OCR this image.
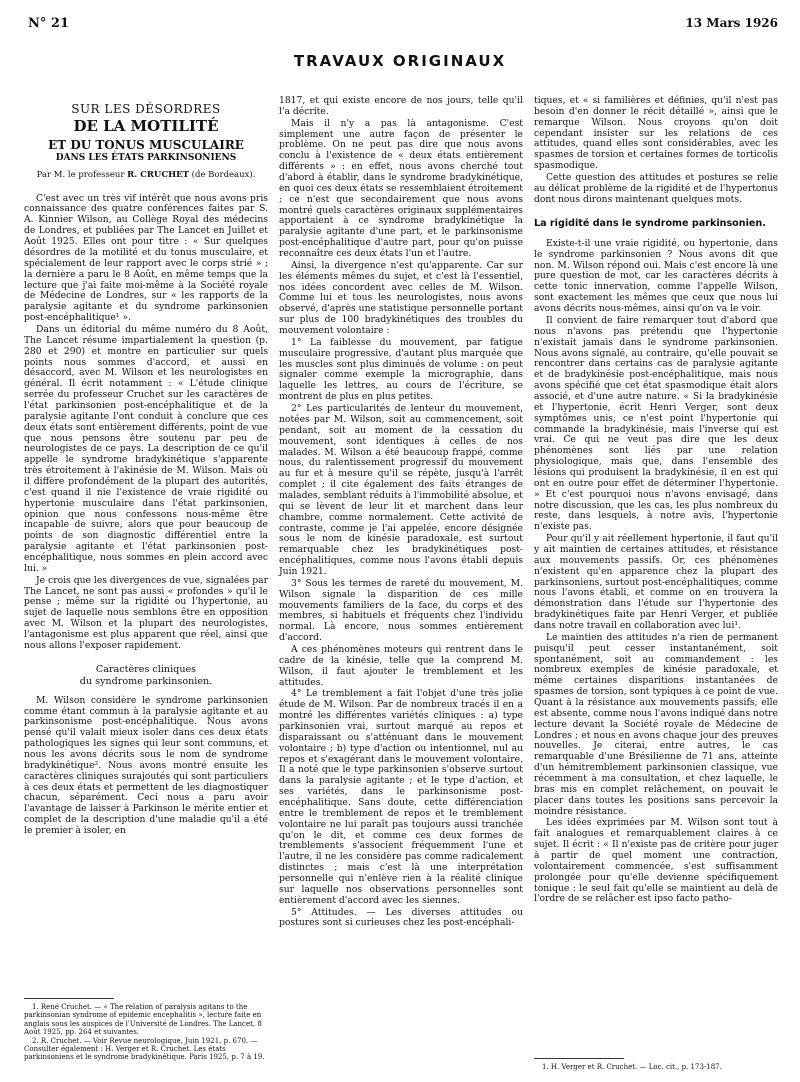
N° 21	13 Mars 1926
TRAVAUX ORIGINAUX
SUR LES DÉSORDRES
DE LA MOTILITÉ
ET DU TONUS MUSCULAIRE
DANS LES ÉTATS PARKINSONIENS
Par M. le professeur R. CRUCHET (de Bordeaux).

C'est avec un très vif intérêt que nous avons pris connaissance des quatre conférences faites par S. A. Kinnier Wilson, au Collège Royal des médecins de Londres, et publiées par The Lancet en Juillet et Août 1925. Elles ont pour titre : « Sur quelques désordres de la motilité et du tonus musculaire, et spécialement de leur rapport avec le corps strié » ; la dernière a paru le 8 Août, en même temps que la lecture que j'ai faite moi-même à la Société royale de Médecine de Londres, sur « les rapports de la paralysie agitante et du syndrome parkinsonien post-encéphalitique¹ ».

Dans un éditorial du même numéro du 8 Août, The Lancet résume impartialement la question (p. 280 et 290) et montre en particulier sur quels points nous sommes d'accord, et aussi en désaccord, avec M. Wilson et les neurologistes en général. Il écrit notamment : « L'étude clinique serrée du professeur Cruchet sur les caractères de l'état parkinsonien post-encéphalitique et de la paralysie agitante l'ont conduit à conclure que ces deux états sont entièrement différents, point de vue que nous pensons être soutenu par peu de neurologistes de ce pays. La description de ce qu'il appelle le syndrome bradykinétique s'apparente très étroitement à l'akinésie de M. Wilson. Mais où il diffère profondément de la plupart des autorités, c'est quand il nie l'existence de vraie rigidité ou hypertonie musculaire dans l'état parkinsonien, opinion que nous confessons nous-même être incapable de suivre, alors que pour beaucoup de points de son diagnostic différentiel entre la paralysie agitante et l'état parkinsonien post-encéphalitique, nous sommes en plein accord avec lui. »

Je crois que les divergences de vue, signalées par The Lancet, ne sont pas aussi « profondes » qu'il le pense ; même sur la rigidité ou l'hypertonie, au sujet de laquelle nous semblons être en opposition avec M. Wilson et la plupart des neurologistes, l'antagonisme est plus apparent que réel, ainsi que nous allons l'exposer rapidement.

Caractères cliniques
du syndrome parkinsonien.

M. Wilson considère le syndrome parkinsonien comme étant commun à la paralysie agitante et au parkinsonisme post-encéphalitique. Nous avons pensé qu'il valait mieux isoler dans ces deux états pathologiques les signes qui leur sont communs, et nous les avons décrits sous le nom de syndrome bradykinétique². Nous avons montré ensuite les caractères cliniques surajoutés qui sont particuliers à ces deux états et permettent de les diagnostiquer chacun, séparément. Ceci nous a paru avoir l'avantage de laisser à Parkinson le mérite entier et complet de la description d'une maladie qu'il a été le premier à isoler, en

1. René Cruchet. — « The relation of paralysis agitans to the parkinsonian syndrome of epidemic encephalitis », lecture faite en anglais sous les auspices de l'Université de Londres. The Lancet, 8 Août 1925, pp. 264 et suivantes.

2. R. Cruchet. — Voir Revue neurologique, Juin 1921, p. 670. — Consulter également : H. Verger et R. Cruchet. Les états parkinsoniens et le syndrome bradykinétique. Paris 1925, p. 7 à 19.

1817, et qui existe encore de nos jours, telle qu'il l'a décrite.

Mais il n'y a pas là antagonisme. C'est simplement une autre façon de présenter le problème. On ne peut pas dire que nous avons conclu à l'existence de « deux états entièrement différents » : en effet, nous avons cherché tout d'abord à établir, dans le syndrome bradykinétique, en quoi ces deux états se ressemblaient étroitement ; ce n'est que secondairement que nous avons montré quels caractères originaux supplémentaires apportaient à ce syndrome bradykinétique la paralysie agitante d'une part, et le parkinsonisme post-encéphalitique d'autre part, pour qu'on puisse reconnaître ces deux états l'un et l'autre.

Ainsi, la divergence n'est qu'apparente. Car sur les éléments mêmes du sujet, et c'est là l'essentiel, nos idées concordent avec celles de M. Wilson. Comme lui et tous les neurologistes, nous avons observé, d'après une statistique personnelle portant sur plus de 100 bradykinétiques des troubles du mouvement volontaire :

1° La faiblesse du mouvement, par fatigue musculaire progressive, d'autant plus marquée que les muscles sont plus diminués de volume : on peut signaler comme exemple la micrographie, dans laquelle les lettres, au cours de l'écriture, se montrent de plus en plus petites.

2° Les particularités de lenteur du mouvement, notées par M. Wilson, soit au commencement, soit pendant, soit au moment de la cessation du mouvement, sont identiques à celles de nos malades. M. Wilson a été beaucoup frappé, comme nous, du ralentissement progressif du mouvement au fur et à mesure qu'il se répète, jusqu'à l'arrêt complet ; il cite également des faits étranges de malades, semblant réduits à l'immobilité absolue, et qui se lèvent de leur lit et marchent dans leur chambre, comme normalement. Cette activité de contraste, comme je l'ai appelée, encore désignée sous le nom de kinésie paradoxale, est surtout remarquable chez les bradykinétiques post-encéphalitiques, comme nous l'avons établi depuis Juin 1921.

3° Sous les termes de rareté du mouvement, M. Wilson signale la disparition de ces mille mouvements familiers de la face, du corps et des membres, si habituels et fréquents chez l'individu normal. Là encore, nous sommes entièrement d'accord.

A ces phénomènes moteurs qui rentrent dans le cadre de la kinésie, telle que la comprend M. Wilson, il faut ajouter le tremblement et les attitudes.

4° Le tremblement a fait l'objet d'une très jolie étude de M. Wilson. Par de nombreux tracés il en a montré les différentes variétés cliniques : a) type parkinsonien vrai, surtout marqué au repos et disparaissant ou s'atténuant dans le mouvement volontaire ; b) type d'action ou intentionnel, nul au repos et s'exagérant dans le mouvement volontaire. Il a noté que le type parkinsonien s'observe surtout dans la paralysie agitante ; et le type d'action, et ses variétés, dans le parkinsonisme post-encéphalitique. Sans doute, cette différenciation entre le tremblement de repos et le tremblement volontaire ne lui paraît pas toujours aussi tranchée qu'on le dit, et comme ces deux formes de tremblements s'associent fréquemment l'une et l'autre, il ne les considère pas comme radicalement distinctes ; mais c'est là une interprétation personnelle qui n'enlève rien à la réalité clinique sur laquelle nos observations personnelles sont entièrement d'accord avec les siennes.

5° Attitudes. — Les diverses attitudes ou postures sont si curieuses chez les post-encéphali-

tiques, et « si familières et définies, qu'il n'est pas besoin d'en donner le récit détaillé », ainsi que le remarque Wilson. Nous croyons qu'on doit cependant insister sur les relations de ces attitudes, quand elles sont considérables, avec les spasmes de torsion et certaines formes de torticolis spasmodique.

Cette question des attitudes et postures se relie au délicat problème de la rigidité et de l'hypertonus dont nous dirons maintenant quelques mots.

La rigidité dans le syndrome parkinsonien.

Existe-t-il une vraie rigidité, ou hypertonie, dans le syndrome parkinsonien ? Nous avons dit que non. M. Wilson répond oui. Mais c'est encore là une pure question de mot, car les caractères décrits à cette tonic innervation, comme l'appelle Wilson, sont exactement les mêmes que ceux que nous lui avons décrits nous-mêmes, ainsi qu'on va le voir.

Il convient de faire remarquer tout d'abord que nous n'avons pas prétendu que l'hypertonie n'existait jamais dans le syndrome parkinsonien. Nous avons signalé, au contraire, qu'elle pouvait se rencontrer dans certains cas de paralysie agitante et de bradykinésie post-encéphalitique, mais nous avons spécifié que cet état spasmodique était alors associé, et d'une autre nature. « Si la bradykinésie et l'hypertonie, écrit Henri Verger, sont deux symptômes unis, ce n'est point l'hypertonie qui commande la bradykinésie, mais l'inverse qui est vrai. Ce qui ne veut pas dire que les deux phénomènes sont liés par une relation physiologique, mais que, dans l'ensemble des lésions qui produisent la bradykinésie, il en est qui ont en outre pour effet de déterminer l'hypertonie. » Et c'est pourquoi nous n'avons envisagé, dans notre discussion, que les cas, les plus nombreux du reste, dans lesquels, à notre avis, l'hypertonie n'existe pas.

Pour qu'il y ait réellement hypertonie, il faut qu'il y ait maintien de certaines attitudes, et résistance aux mouvements passifs. Or, ces phénomènes n'existent qu'en apparence chez la plupart des parkinsoniens, surtout post-encéphalitiques, comme nous l'avons établi, et comme on en trouvera la démonstration dans l'étude sur l'hypertonie des bradykinétiques faite par Henri Verger, et publiée dans notre travail en collaboration avec lui¹.

Le maintien des attitudes n'a rien de permanent puisqu'il peut cesser instantanément, soit spontanément, soit au commandement : les nombreux exemples de kinésie paradoxale, et même certaines disparitions instantanées de spasmes de torsion, sont typiques à ce point de vue. Quant à la résistance aux mouvements passifs, elle est absente, comme nous l'avons indiqué dans notre lecture devant la Société royale de Médecine de Londres ; et nous en avons chaque jour des preuves nouvelles. Je citerai, entre autres, le cas remarquable d'une Brésilienne de 71 ans, atteinte d'un hémitremblement parkinsonien classique, vue récemment à ma consultation, et chez laquelle, le bras mis en complet relâchement, on pouvait le placer dans toutes les positions sans percevoir la moindre résistance.

Les idées exprimées par M. Wilson sont tout à fait analogues et remarquablement claires à ce sujet. Il écrit : « Il n'existe pas de critère pour juger à partir de quel moment une contraction, volontairement commencée, s'est suffisamment prolongée pour qu'elle devienne spécifiquement tonique : le seul fait qu'elle se maintient au delà de l'ordre de se relâcher est ipso facto patho-

1. H. Verger et R. Cruchet. — Loc. cit., p. 173-187.
